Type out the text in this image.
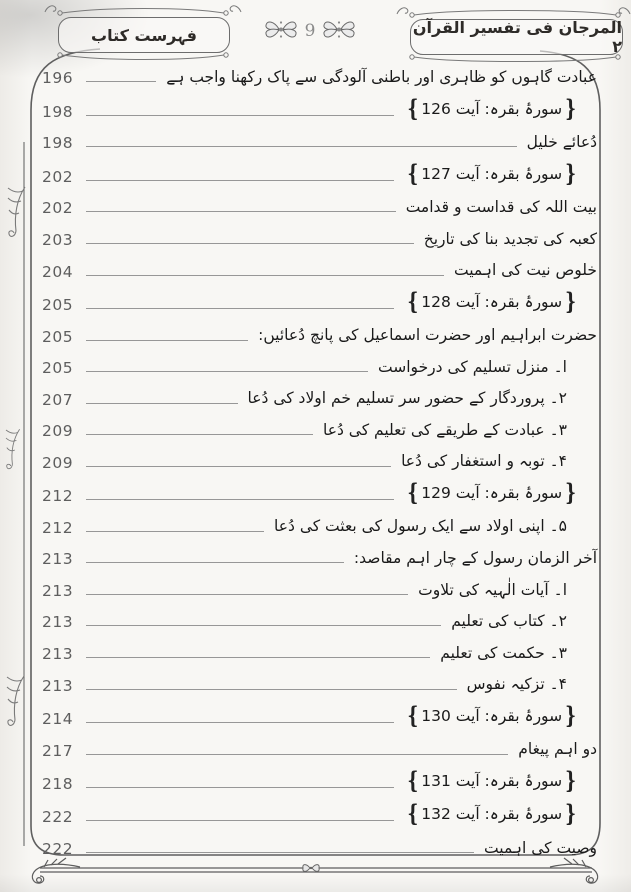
فہرست کتاب	9	المرجان فی تفسیر القرآن ۲
196	عبادت گاہوں کو ظاہری اور باطنی آلودگی سے پاک رکھنا واجب ہے
198	{ سورۂ بقرہ: آیت 126 }
198	دُعائے خلیل
202	{ سورۂ بقرہ: آیت 127 }
202	بیت اللہ کی قداست و قدامت
203	کعبہ کی تجدید بنا کی تاریخ
204	خلوص نیت کی اہمیت
205	{ سورۂ بقرہ: آیت 128 }
205	حضرت ابراہیم اور حضرت اسماعیل کی پانچ دُعائیں:
205	ا۔ منزل تسلیم کی درخواست
207	۲۔ پروردگار کے حضور سر تسلیم خم اولاد کی دُعا
209	۳۔ عبادت کے طریقے کی تعلیم کی دُعا
209	۴۔ توبہ و استغفار کی دُعا
212	{ سورۂ بقرہ: آیت 129 }
212	۵۔ اپنی اولاد سے ایک رسول کی بعثت کی دُعا
213	آخر الزمان رسول کے چار اہم مقاصد:
213	ا۔ آیات الٰہیہ کی تلاوت
213	۲۔ کتاب کی تعلیم
213	۳۔ حکمت کی تعلیم
213	۴۔ تزکیہ نفوس
214	{ سورۂ بقرہ: آیت 130 }
217	دو اہم پیغام
218	{ سورۂ بقرہ: آیت 131 }
222	{ سورۂ بقرہ: آیت 132 }
222	وصیت کی اہمیت
